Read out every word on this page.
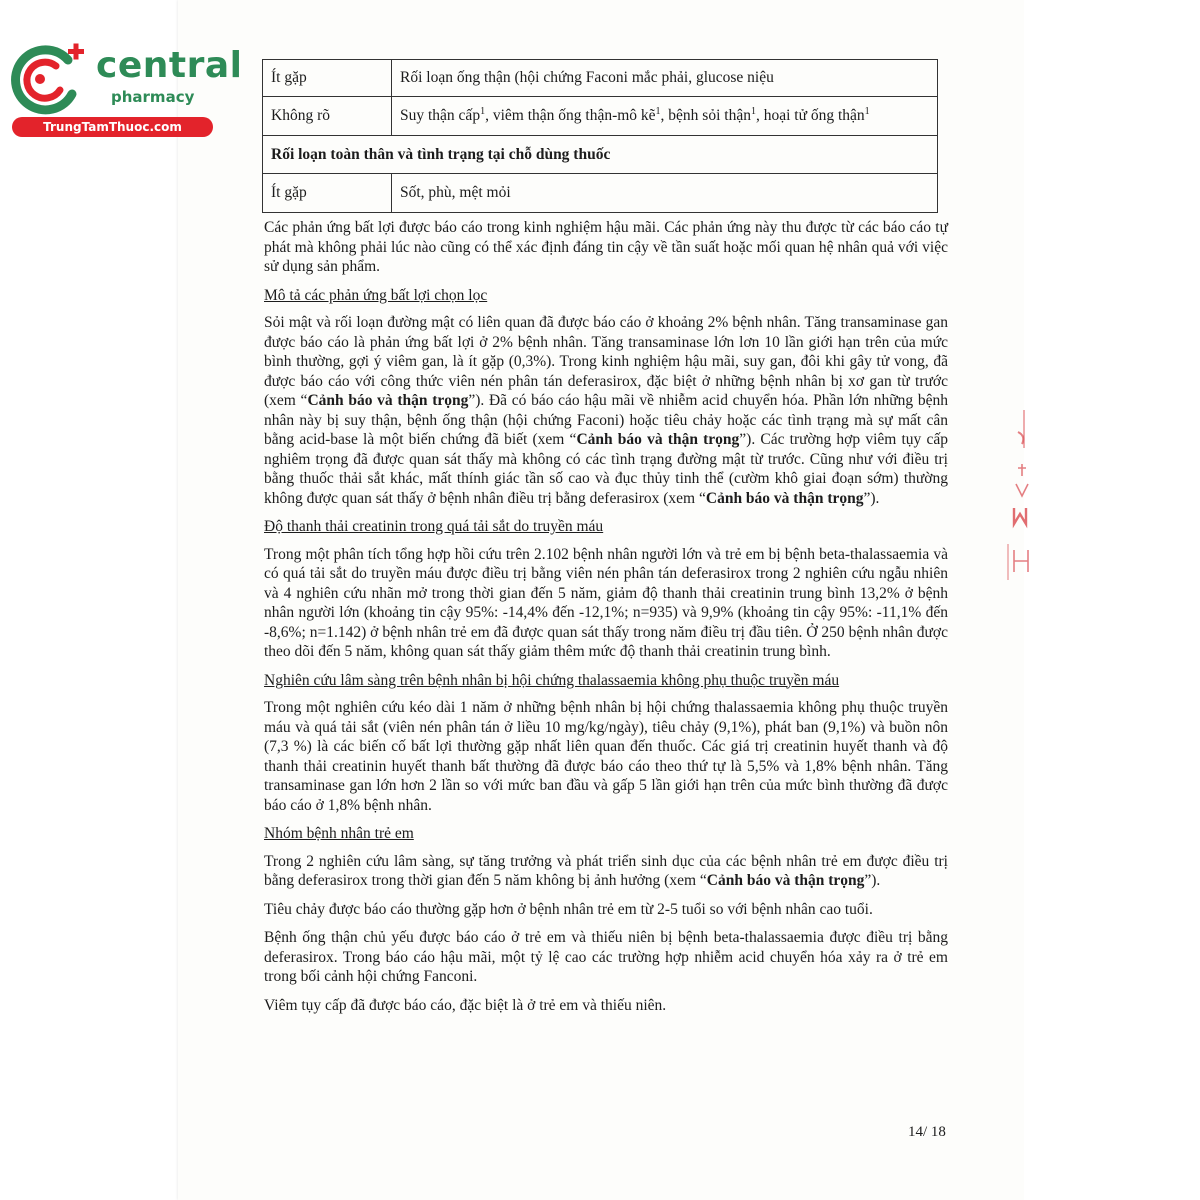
central
pharmacy
TrungTamThuoc.com
Ít gặp	Rối loạn ống thận (hội chứng Faconi mắc phải, glucose niệu
Không rõ	Suy thận cấp$^1$, viêm thận ống thận-mô kẽ$^1$, bệnh sỏi thận$^1$, hoại tử ống thận$^1$
Rối loạn toàn thân và tình trạng tại chỗ dùng thuốc	
Ít gặp	Sốt, phù, mệt mỏi

Các phản ứng bất lợi được báo cáo trong kinh nghiệm hậu mãi. Các phản ứng này thu được từ các báo cáo tự phát mà không phải lúc nào cũng có thể xác định đáng tin cậy về tần suất hoặc mối quan hệ nhân quả với việc sử dụng sản phẩm.

Mô tả các phản ứng bất lợi chọn lọc

Sỏi mật và rối loạn đường mật có liên quan đã được báo cáo ở khoảng 2% bệnh nhân. Tăng transaminase gan được báo cáo là phản ứng bất lợi ở 2% bệnh nhân. Tăng transaminase lớn lơn 10 lần giới hạn trên của mức bình thường, gợi ý viêm gan, là ít gặp (0,3%). Trong kinh nghiệm hậu mãi, suy gan, đôi khi gây tử vong, đã được báo cáo với công thức viên nén phân tán deferasirox, đặc biệt ở những bệnh nhân bị xơ gan từ trước (xem “Cảnh báo và thận trọng”). Đã có báo cáo hậu mãi về nhiễm acid chuyển hóa. Phần lớn những bệnh nhân này bị suy thận, bệnh ống thận (hội chứng Faconi) hoặc tiêu chảy hoặc các tình trạng mà sự mất cân bằng acid-base là một biến chứng đã biết (xem “Cảnh báo và thận trọng”). Các trường hợp viêm tụy cấp nghiêm trọng đã được quan sát thấy mà không có các tình trạng đường mật từ trước. Cũng như với điều trị bằng thuốc thải sắt khác, mất thính giác tần số cao và đục thủy tinh thể (cườm khô giai đoạn sớm) thường không được quan sát thấy ở bệnh nhân điều trị bằng deferasirox (xem “Cảnh báo và thận trọng”).

Độ thanh thải creatinin trong quá tải sắt do truyền máu

Trong một phân tích tổng hợp hồi cứu trên 2.102 bệnh nhân người lớn và trẻ em bị bệnh beta-thalassaemia và có quá tải sắt do truyền máu được điều trị bằng viên nén phân tán deferasirox trong 2 nghiên cứu ngẫu nhiên và 4 nghiên cứu nhãn mở trong thời gian đến 5 năm, giảm độ thanh thải creatinin trung bình 13,2% ở bệnh nhân người lớn (khoảng tin cậy 95%: -14,4% đến -12,1%; n=935) và 9,9% (khoảng tin cậy 95%: -11,1% đến -8,6%; n=1.142) ở bệnh nhân trẻ em đã được quan sát thấy trong năm điều trị đầu tiên. Ở 250 bệnh nhân được theo dõi đến 5 năm, không quan sát thấy giảm thêm mức độ thanh thải creatinin trung bình.

Nghiên cứu lâm sàng trên bệnh nhân bị hội chứng thalassaemia không phụ thuộc truyền máu

Trong một nghiên cứu kéo dài 1 năm ở những bệnh nhân bị hội chứng thalassaemia không phụ thuộc truyền máu và quá tải sắt (viên nén phân tán ở liều 10 mg/kg/ngày), tiêu chảy (9,1%), phát ban (9,1%) và buồn nôn (7,3 %) là các biến cố bất lợi thường gặp nhất liên quan đến thuốc. Các giá trị creatinin huyết thanh và độ thanh thải creatinin huyết thanh bất thường đã được báo cáo theo thứ tự là 5,5% và 1,8% bệnh nhân. Tăng transaminase gan lớn hơn 2 lần so với mức ban đầu và gấp 5 lần giới hạn trên của mức bình thường đã được báo cáo ở 1,8% bệnh nhân.

Nhóm bệnh nhân trẻ em

Trong 2 nghiên cứu lâm sàng, sự tăng trưởng và phát triển sinh dục của các bệnh nhân trẻ em được điều trị bằng deferasirox trong thời gian đến 5 năm không bị ảnh hưởng (xem “Cảnh báo và thận trọng”).

Tiêu chảy được báo cáo thường gặp hơn ở bệnh nhân trẻ em từ 2-5 tuổi so với bệnh nhân cao tuổi.

Bệnh ống thận chủ yếu được báo cáo ở trẻ em và thiếu niên bị bệnh beta-thalassaemia được điều trị bằng deferasirox. Trong báo cáo hậu mãi, một tỷ lệ cao các trường hợp nhiễm acid chuyển hóa xảy ra ở trẻ em trong bối cảnh hội chứng Fanconi.

Viêm tụy cấp đã được báo cáo, đặc biệt là ở trẻ em và thiếu niên.

14/ 18
